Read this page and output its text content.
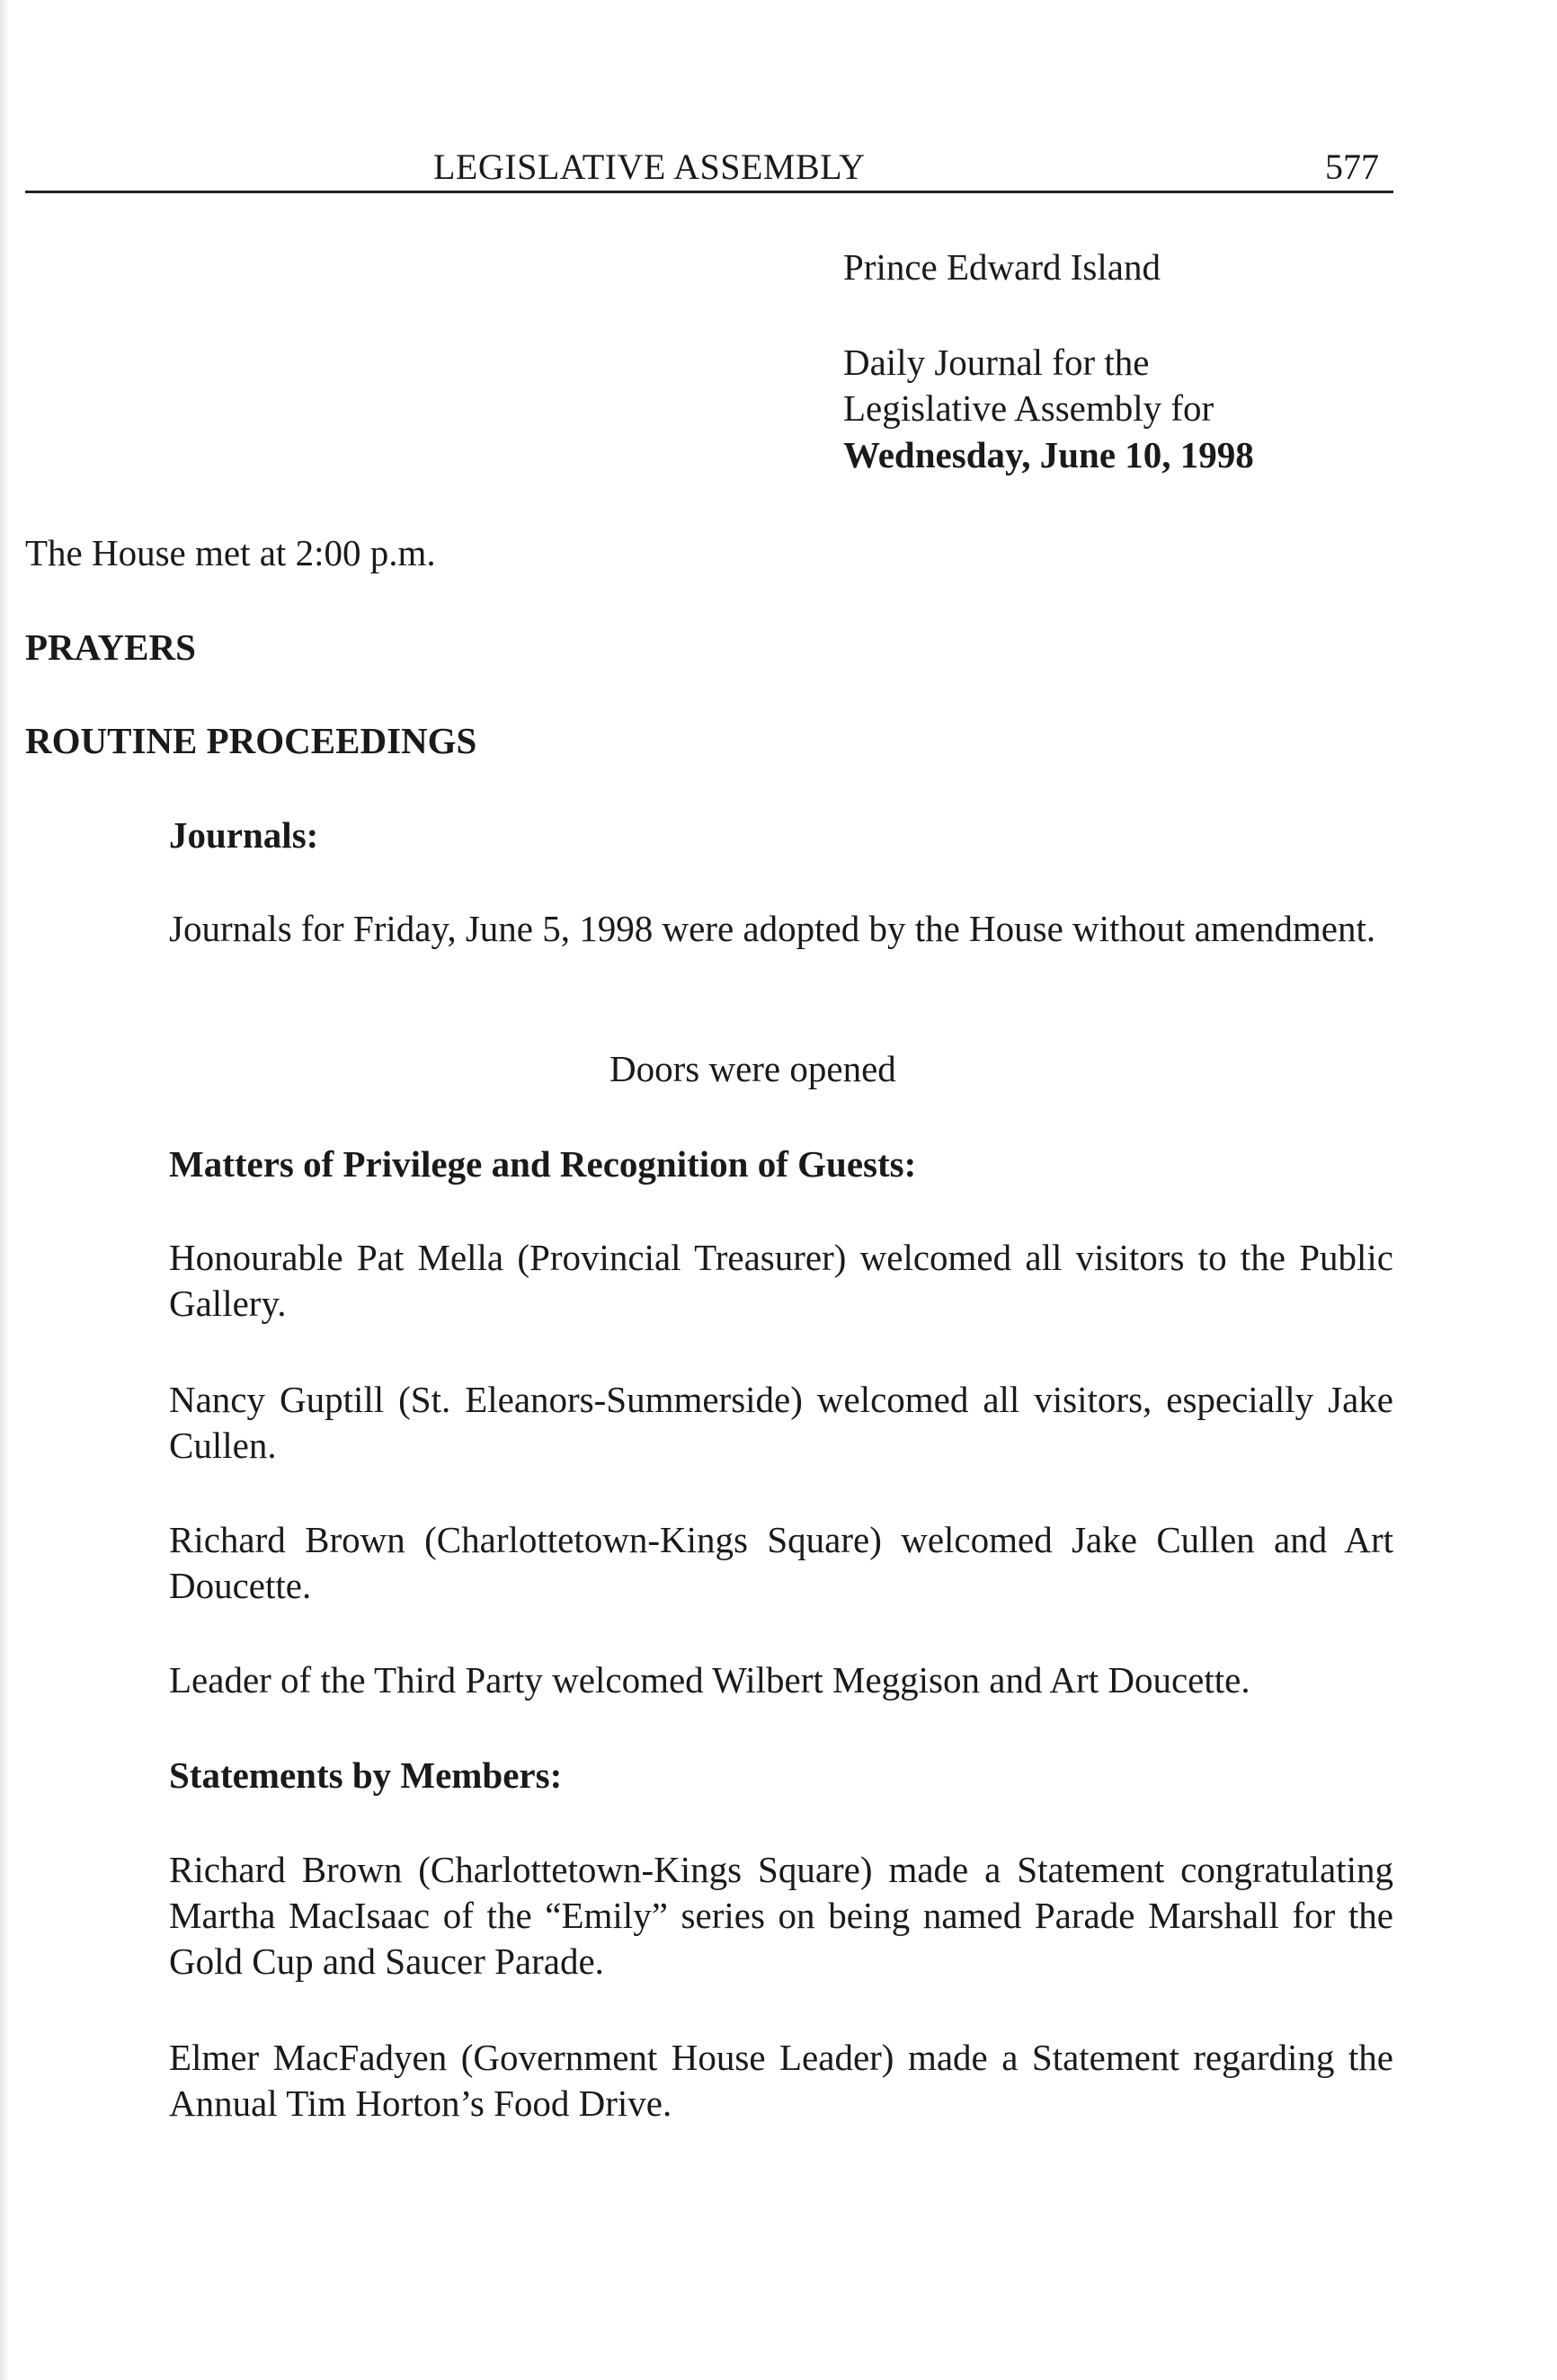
LEGISLATIVE ASSEMBLY	577
Prince Edward Island
Daily Journal for the
Legislative Assembly for
Wednesday, June 10, 1998
The House met at 2:00 p.m.
PRAYERS
ROUTINE PROCEEDINGS
Journals:
Journals for Friday, June 5, 1998 were adopted by the House without amendment.
Doors were opened
Matters of Privilege and Recognition of Guests:
Honourable Pat Mella (Provincial Treasurer) welcomed all visitors to the Public Gallery.
Nancy Guptill (St. Eleanors-Summerside) welcomed all visitors, especially Jake Cullen.
Richard Brown (Charlottetown-Kings Square) welcomed Jake Cullen and Art Doucette.
Leader of the Third Party welcomed Wilbert Meggison and Art Doucette.
Statements by Members:
Richard Brown (Charlottetown-Kings Square) made a Statement congratulating Martha MacIsaac of the “Emily” series on being named Parade Marshall for the Gold Cup and Saucer Parade.
Elmer MacFadyen (Government House Leader) made a Statement regarding the Annual Tim Horton’s Food Drive.
